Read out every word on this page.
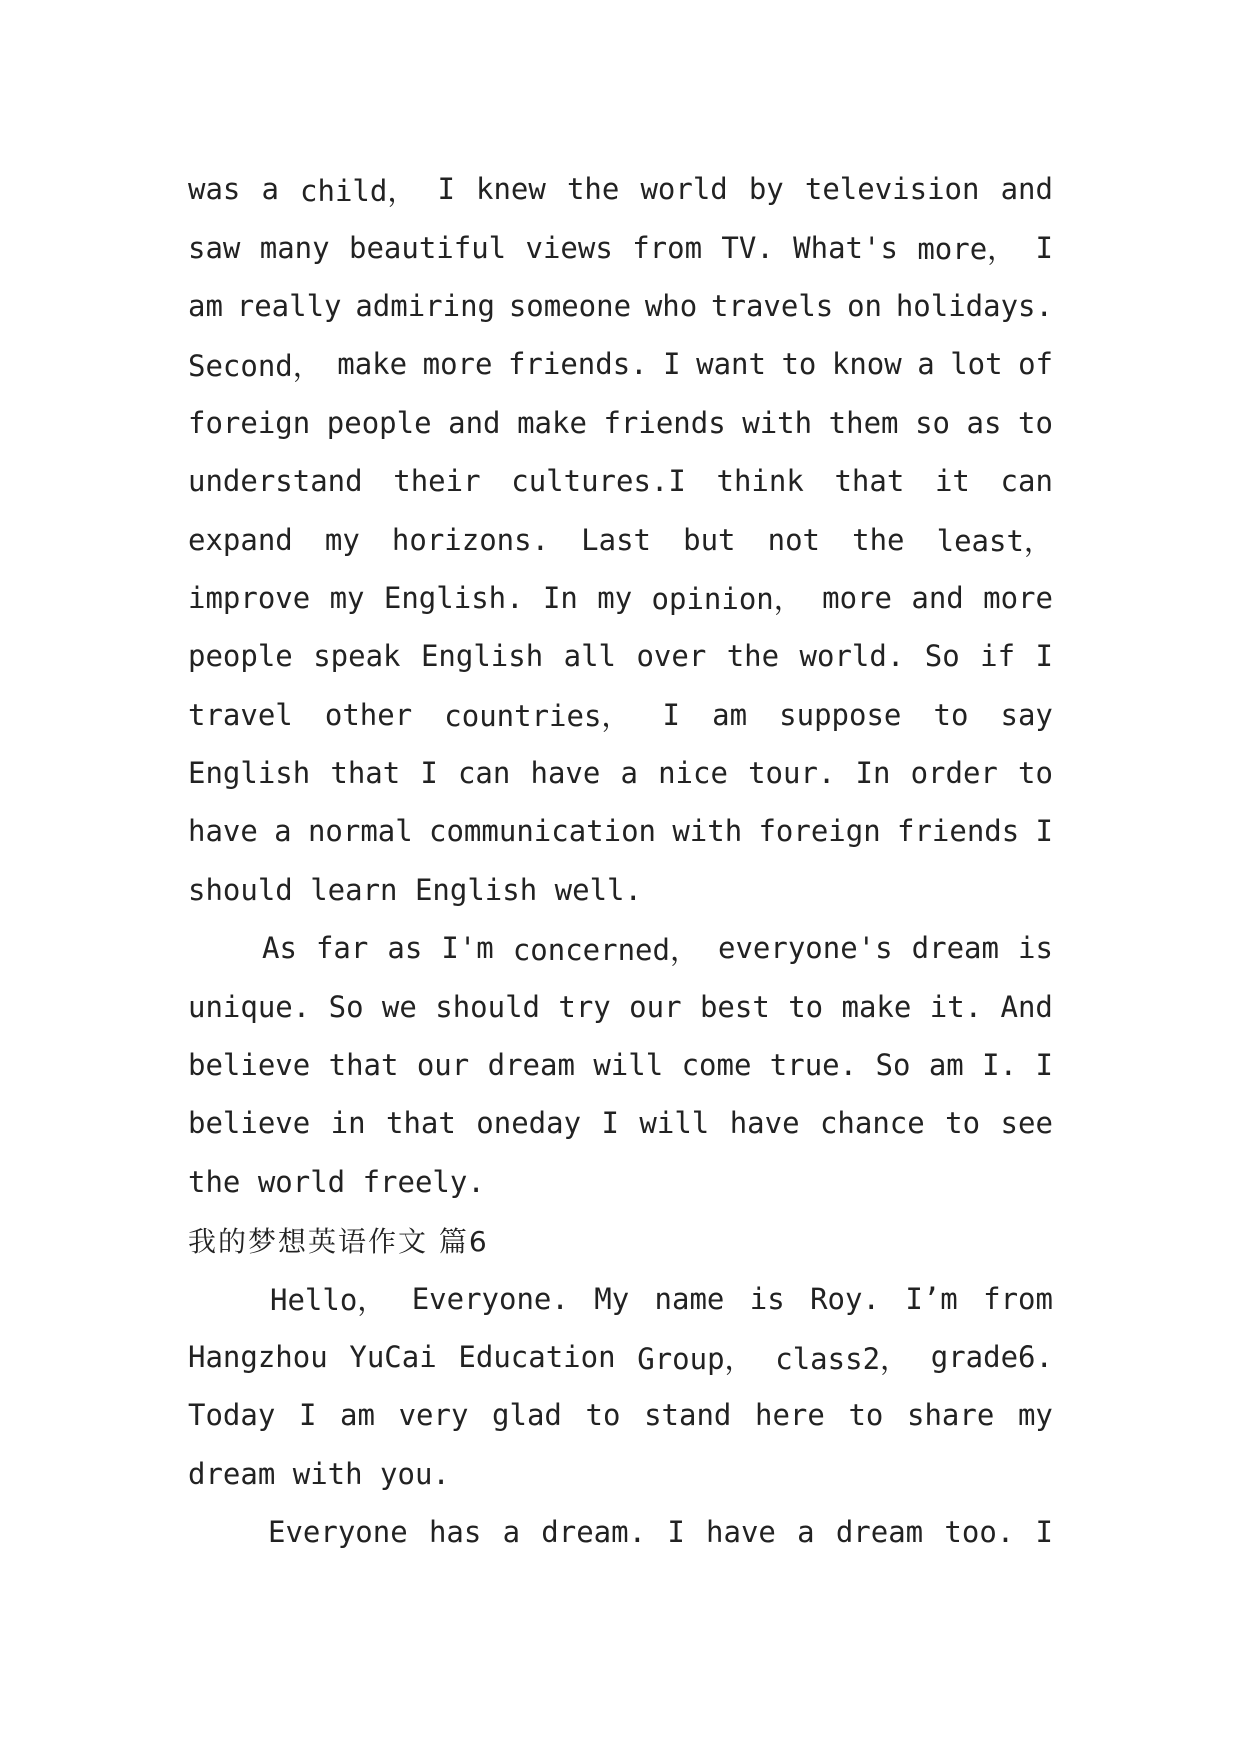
was a child， I knew the world by television and
saw many beautiful views from TV. What's more， I
am really admiring someone who travels on holidays.
Second， make more friends. I want to know a lot of
foreign people and make friends with them so as to
understand their cultures.I think that it can
expand my horizons. Last but not the least，
improve my English. In my opinion， more and more
people speak English all over the world. So if I
travel other countries， I am suppose to say
English that I can have a nice tour. In order to
have a normal communication with foreign friends I
should learn English well.
As far as I'm concerned， everyone's dream is
unique. So we should try our best to make it. And
believe that our dream will come true. So am I. I
believe in that oneday I will have chance to see
the world freely.
我的梦想英语作文 篇6
Hello， Everyone. My name is Roy. I’m from
Hangzhou YuCai Education Group， class2， grade6.
Today I am very glad to stand here to share my
dream with you.
Everyone has a dream. I have a dream too. I
